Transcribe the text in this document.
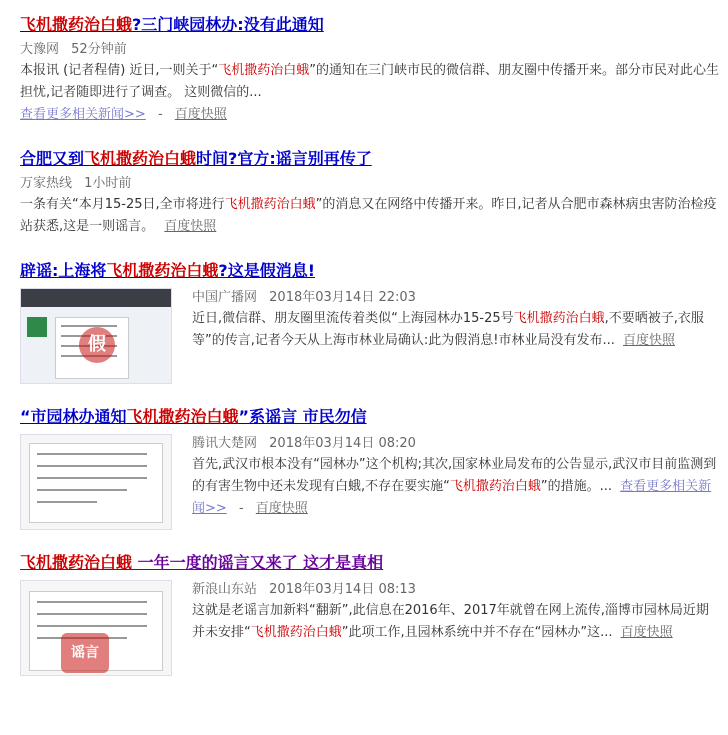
飞机撒药治白蛾?三门峡园林办:没有此通知
大豫网 52分钟前
本报讯 (记者程倩) 近日,一则关于“飞机撒药治白蛾”的通知在三门峡市民的微信群、朋友圈中传播开来。部分市民对此心生担忧,记者随即进行了调查。 这则微信的...
查看更多相关新闻>> - 百度快照
合肥又到飞机撒药治白蛾时间?官方:谣言别再传了
万家热线 1小时前
一条有关“本月15-25日,全市将进行飞机撒药治白蛾”的消息又在网络中传播开来。昨日,记者从合肥市森林病虫害防治检疫站获悉,这是一则谣言。 百度快照
辟谣:上海将飞机撒药治白蛾?这是假消息!
假
中国广播网 2018年03月14日 22:03
近日,微信群、朋友圈里流传着类似“上海园林办15-25号飞机撒药治白蛾,不要晒被子,衣服等”的传言,记者今天从上海市林业局确认:此为假消息!市林业局没有发布... 百度快照
“市园林办通知飞机撒药治白蛾”系谣言 市民勿信
腾讯大楚网 2018年03月14日 08:20
首先,武汉市根本没有“园林办”这个机构;其次,国家林业局发布的公告显示,武汉市目前监测到的有害生物中还未发现有白蛾,不存在要实施“飞机撒药治白蛾”的措施。... 查看更多相关新闻>> - 百度快照
飞机撒药治白蛾 一年一度的谣言又来了 这才是真相
谣言
新浪山东站 2018年03月14日 08:13
这就是老谣言加新料“翻新”,此信息在2016年、2017年就曾在网上流传,淄博市园林局近期并未安排“飞机撒药治白蛾”此项工作,且园林系统中并不存在“园林办”这... 百度快照
